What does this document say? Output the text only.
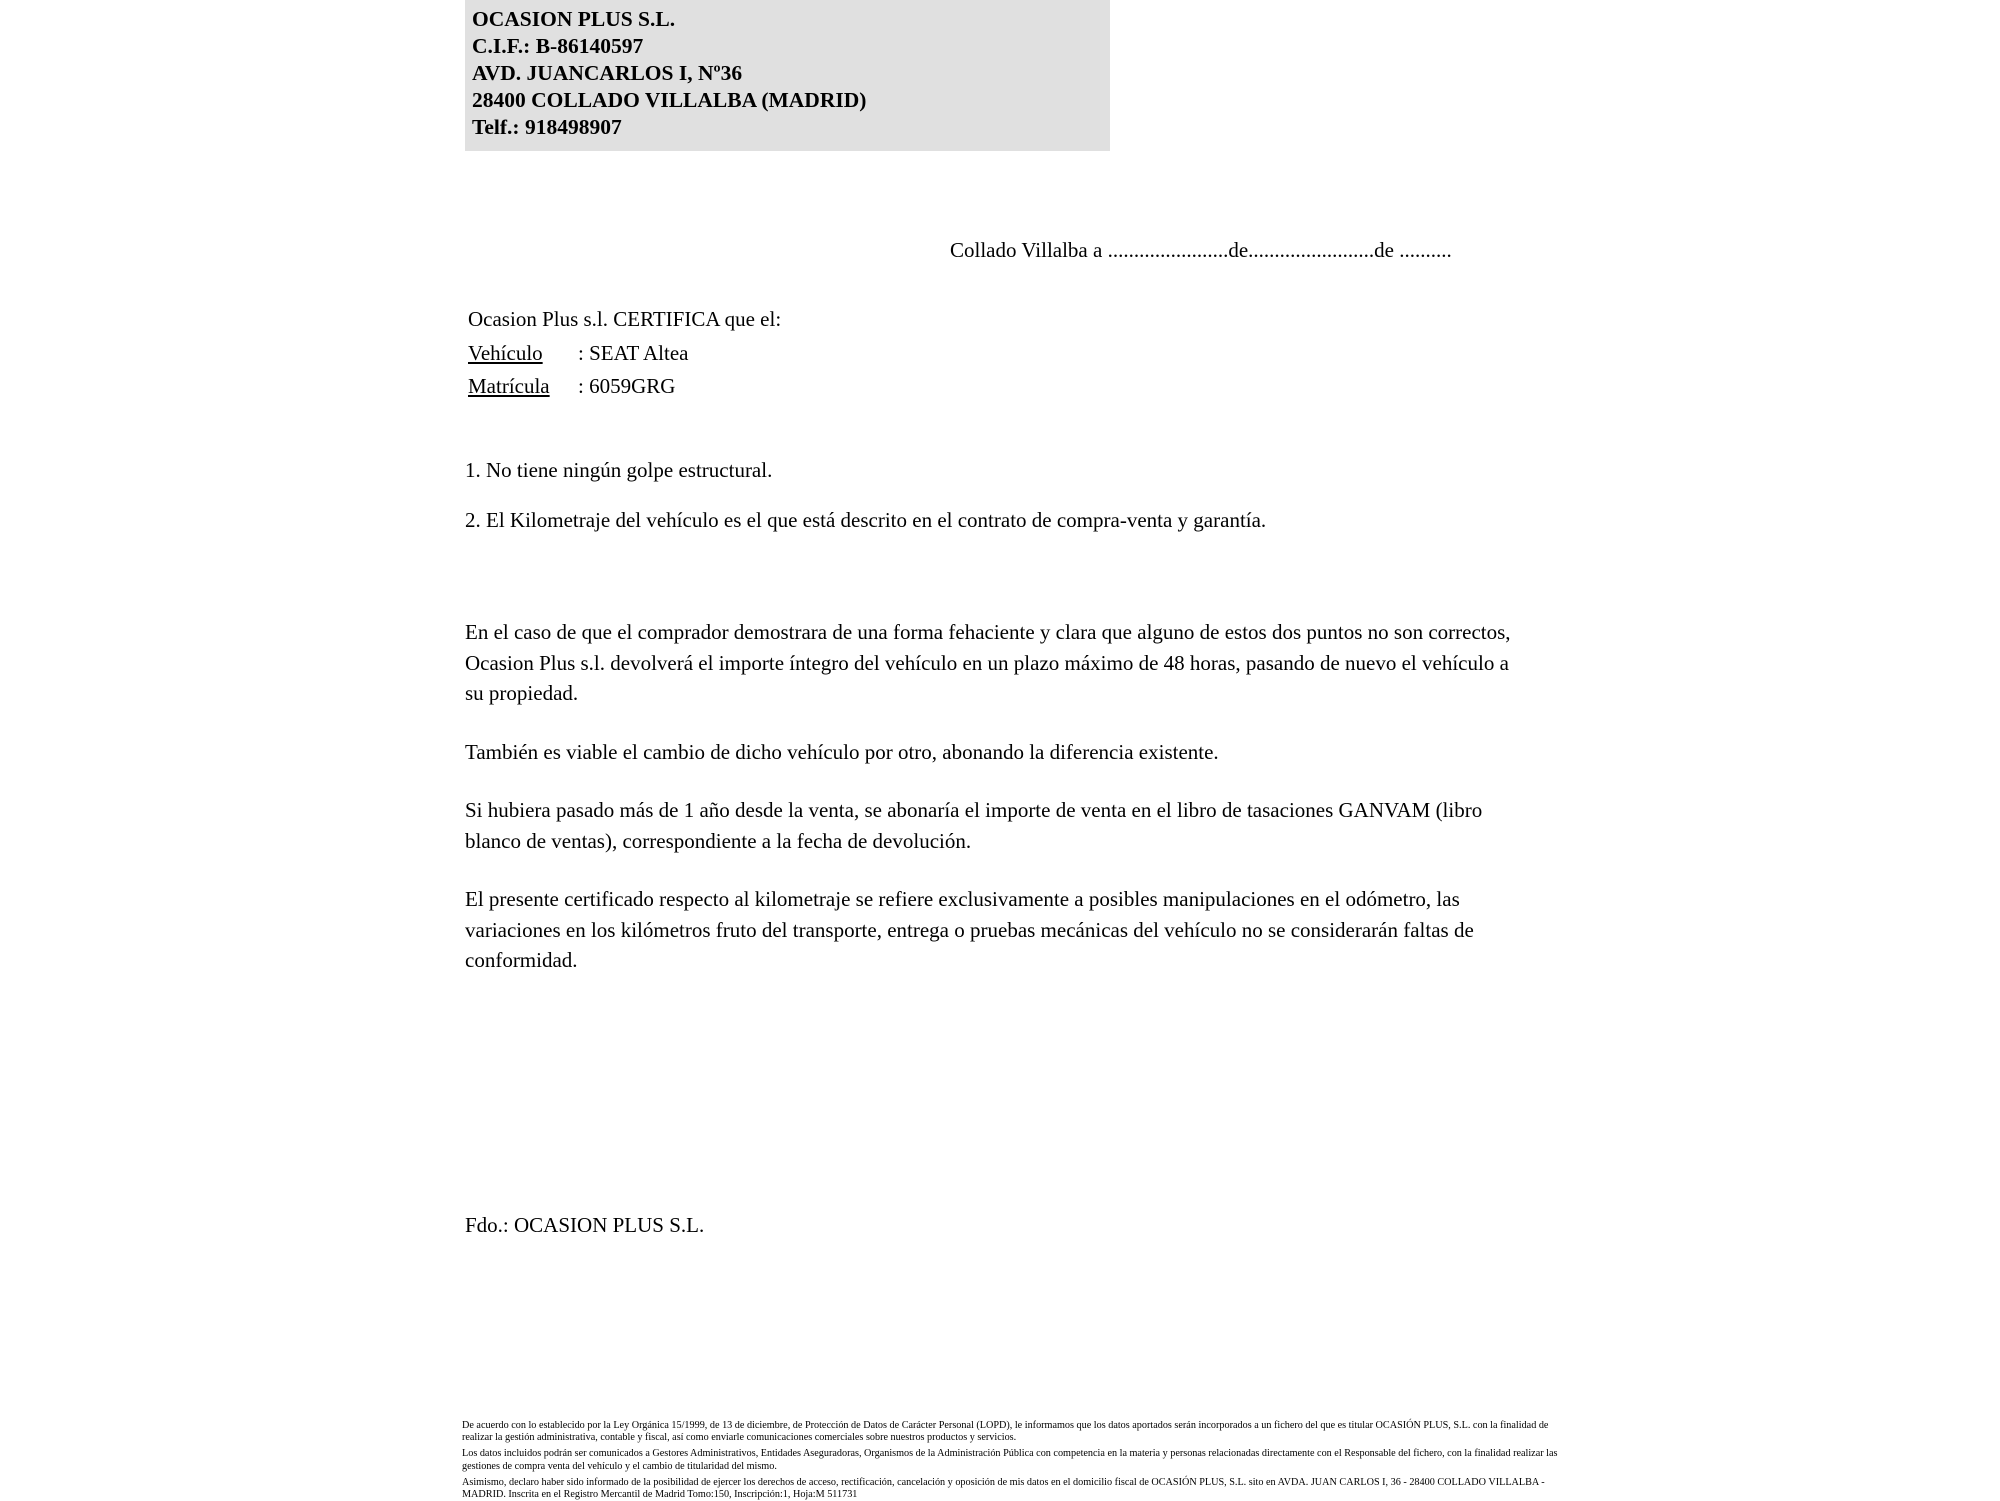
OCASION PLUS S.L.
C.I.F.: B-86140597
AVD. JUANCARLOS I, Nº36
28400 COLLADO VILLALBA (MADRID)
Telf.: 918498907
Collado Villalba a .......................de........................de ..........
Ocasion Plus s.l. CERTIFICA que el:
Vehículo : SEAT Altea
Matrícula : 6059GRG
1. No tiene ningún golpe estructural.
2. El Kilometraje del vehículo es el que está descrito en el contrato de compra-venta y garantía.
En el caso de que el comprador demostrara de una forma fehaciente y clara que alguno de estos dos puntos no son correctos, Ocasion Plus s.l. devolverá el importe íntegro del vehículo en un plazo máximo de 48 horas, pasando de nuevo el vehículo a su propiedad.
También es viable el cambio de dicho vehículo por otro, abonando la diferencia existente.
Si hubiera pasado más de 1 año desde la venta, se abonaría el importe de venta en el libro de tasaciones GANVAM (libro blanco de ventas), correspondiente a la fecha de devolución.
El presente certificado respecto al kilometraje se refiere exclusivamente a posibles manipulaciones en el odómetro, las variaciones en los kilómetros fruto del transporte, entrega o pruebas mecánicas del vehículo no se considerarán faltas de conformidad.
Fdo.: OCASION PLUS S.L.

De acuerdo con lo establecido por la Ley Orgánica 15/1999, de 13 de diciembre, de Protección de Datos de Carácter Personal (LOPD), le informamos que los datos aportados serán incorporados a un fichero del que es titular OCASIÓN PLUS, S.L. con la finalidad de realizar la gestión administrativa, contable y fiscal, así como enviarle comunicaciones comerciales sobre nuestros productos y servicios.

Los datos incluidos podrán ser comunicados a Gestores Administrativos, Entidades Aseguradoras, Organismos de la Administración Pública con competencia en la materia y personas relacionadas directamente con el Responsable del fichero, con la finalidad realizar las gestiones de compra venta del vehículo y el cambio de titularidad del mismo.

Asimismo, declaro haber sido informado de la posibilidad de ejercer los derechos de acceso, rectificación, cancelación y oposición de mis datos en el domicilio fiscal de OCASIÓN PLUS, S.L. sito en AVDA. JUAN CARLOS I, 36 - 28400 COLLADO VILLALBA - MADRID. Inscrita en el Registro Mercantil de Madrid Tomo:150, Inscripción:1, Hoja:M 511731
